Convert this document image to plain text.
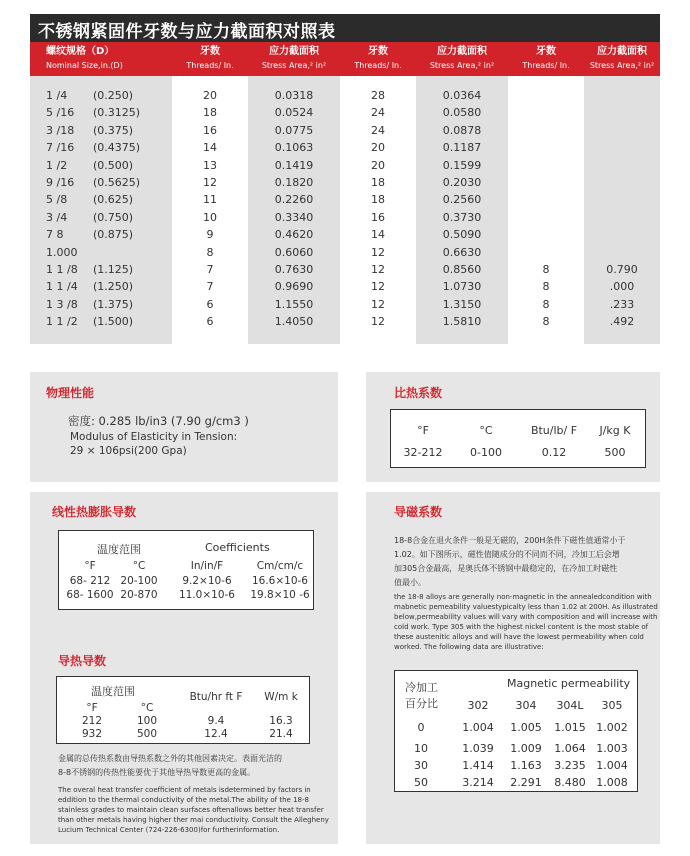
不锈钢紧固件牙数与应力截面积对照表
螺纹规格（D）
Nominal Size,in.(D)
牙数
Threads/ In.
应力截面积
Stress Area,² in²
牙数
Threads/ In.
应力截面积
Stress Area,² in²
牙数
Threads/ In.
应力截面积
Stress Area,² in²
1 /4 (0.250)	20	0.0318	28	0.0364
5 /16 (0.3125)	18	0.0524	24	0.0580
3 /18 (0.375)	16	0.0775	24	0.0878
7 /16 (0.4375)	14	0.1063	20	0.1187
1 /2 (0.500)	13	0.1419	20	0.1599
9 /16 (0.5625)	12	0.1820	18	0.2030
5 /8 (0.625)	11	0.2260	18	0.2560
3 /4 (0.750)	10	0.3340	16	0.3730
7 8	(0.875)	9	0.4620	14	0.5090
1.000	8	0.6060	12	0.6630
1 1 /8 (1.125)	7	0.7630	12	0.8560	8	0.790
1 1 /4 (1.250)	7	0.9690	12	1.0730	8	.000
1 3 /8 (1.375)	6	1.1550	12	1.3150	8	.233
1 1 /2 (1.500)	6	1.4050	12	1.5810	8	.492
物理性能
密度: 0.285 lb/in3 (7.90 g/cm3 )
Modulus of Elasticity in Tension:
29 × 106psi(200 Gpa)
比热系数
°F	°C	Btu/lb/ F	J/kg K
32-212	0-100	0.12	500
线性热膨胀导数
温度范围	Coefficients
°F	°C	In/in/F	Cm/cm/c
68- 212 20-100	9.2×10-6	16.6×10-6
68- 1600 20-870	11.0×10-6	19.8×10 -6
导热导数
温度范围
°F	°C
Btu/hr ft F	W/m k
212	100	9.4	16.3
932	500	12.4	21.4

金属的总传热系数由导热系数之外的其他因素决定。表面光洁的

8-8不锈钢的传热性能要优于其他导热导数更高的金属。

The overal heat transfer coefficient of metals isdetermined by factors in

eddition to the thermal conductivity of the metal.The ability of the 18-8

stainless grades to maintain clean surfaces oftenallows better heat transfer

than other metals having higher ther mai conductivity. Consult the Allegheny

Lucium Technical Center (724-226-6300)for furtherinformation.

导磁系数

18-8合金在退火条件一般是无磁的，200H条件下磁性值通常小于

1.02。如下图所示，磁性值随成分的不同而不同，冷加工后会增

加305合金最高，是奥氏体不锈钢中最稳定的，在冷加工时磁性

值最小。

the 18-8 alloys are generally non-magnetic in the annealedcondition with

mabnetic pemeability valuestypicalty less than 1.02 at 200H. As illustrated

below,permeability values will vary with composition and will increase with

cold work. Type 305 with the highest nickel content is the most stable of

these austenitic alloys and will have the lowest permeability when cold

worked. The following data are illustrative:

冷加工
百分比
Magnetic permeability
302	304	304L	305
0	1.004	1.005	1.015 1.002
10	1.039	1.009	1.064 1.003
30	1.414	1.163	3.235 1.004
50	3.214	2.291	8.480 1.008
